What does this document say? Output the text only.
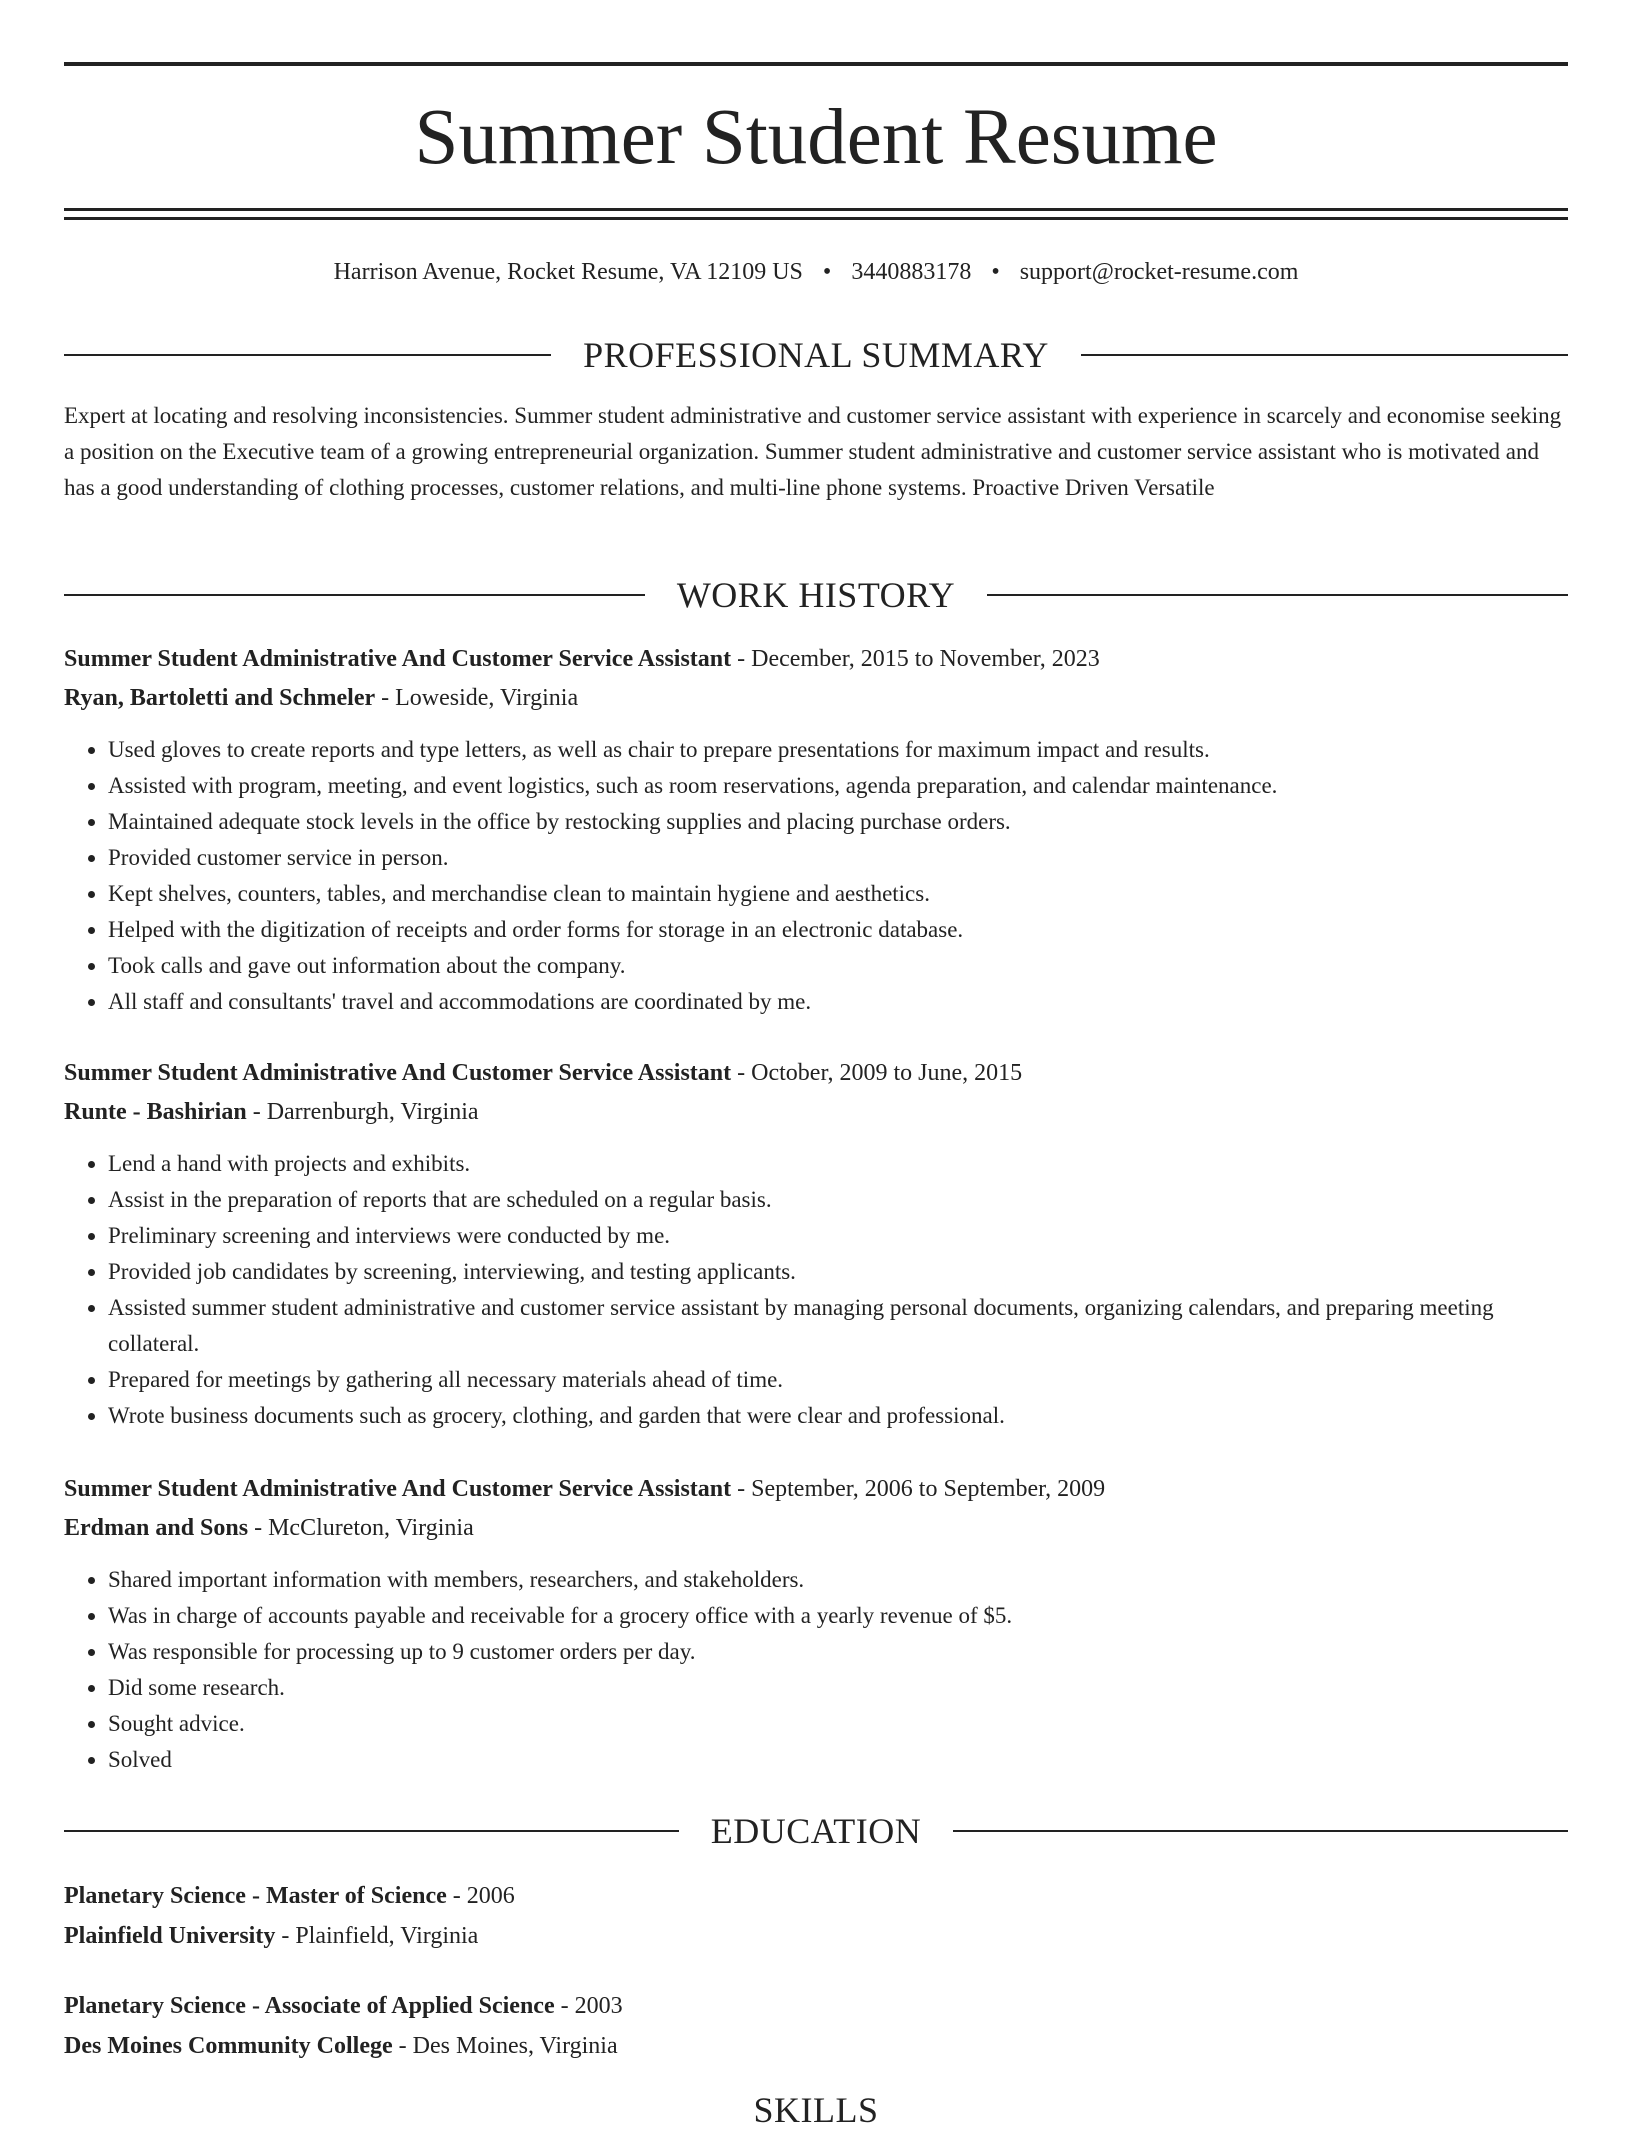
Summer Student Resume
Harrison Avenue, Rocket Resume, VA 12109 US • 3440883178 • support@rocket-resume.com
PROFESSIONAL SUMMARY

Expert at locating and resolving inconsistencies. Summer student administrative and customer service assistant with experience in scarcely and economise seeking a position on the Executive team of a growing entrepreneurial organization. Summer student administrative and customer service assistant who is motivated and has a good understanding of clothing processes, customer relations, and multi-line phone systems. Proactive Driven Versatile

WORK HISTORY
Summer Student Administrative And Customer Service Assistant - December, 2015 to November, 2023
Ryan, Bartoletti and Schmeler - Loweside, Virginia
• Used gloves to create reports and type letters, as well as chair to prepare presentations for maximum impact and results.
• Assisted with program, meeting, and event logistics, such as room reservations, agenda preparation, and calendar maintenance.
• Maintained adequate stock levels in the office by restocking supplies and placing purchase orders.
• Provided customer service in person.
• Kept shelves, counters, tables, and merchandise clean to maintain hygiene and aesthetics.
• Helped with the digitization of receipts and order forms for storage in an electronic database.
• Took calls and gave out information about the company.
• All staff and consultants' travel and accommodations are coordinated by me.
Summer Student Administrative And Customer Service Assistant - October, 2009 to June, 2015
Runte - Bashirian - Darrenburgh, Virginia
• Lend a hand with projects and exhibits.
• Assist in the preparation of reports that are scheduled on a regular basis.
• Preliminary screening and interviews were conducted by me.
• Provided job candidates by screening, interviewing, and testing applicants.
• Assisted summer student administrative and customer service assistant by managing personal documents, organizing calendars, and preparing meeting collateral.
• Prepared for meetings by gathering all necessary materials ahead of time.
• Wrote business documents such as grocery, clothing, and garden that were clear and professional.
Summer Student Administrative And Customer Service Assistant - September, 2006 to September, 2009
Erdman and Sons - McClureton, Virginia
• Shared important information with members, researchers, and stakeholders.
• Was in charge of accounts payable and receivable for a grocery office with a yearly revenue of $5.
• Was responsible for processing up to 9 customer orders per day.
• Did some research.
• Sought advice.
• Solved
EDUCATION
Planetary Science - Master of Science - 2006
Plainfield University - Plainfield, Virginia
Planetary Science - Associate of Applied Science - 2003
Des Moines Community College - Des Moines, Virginia
SKILLS
